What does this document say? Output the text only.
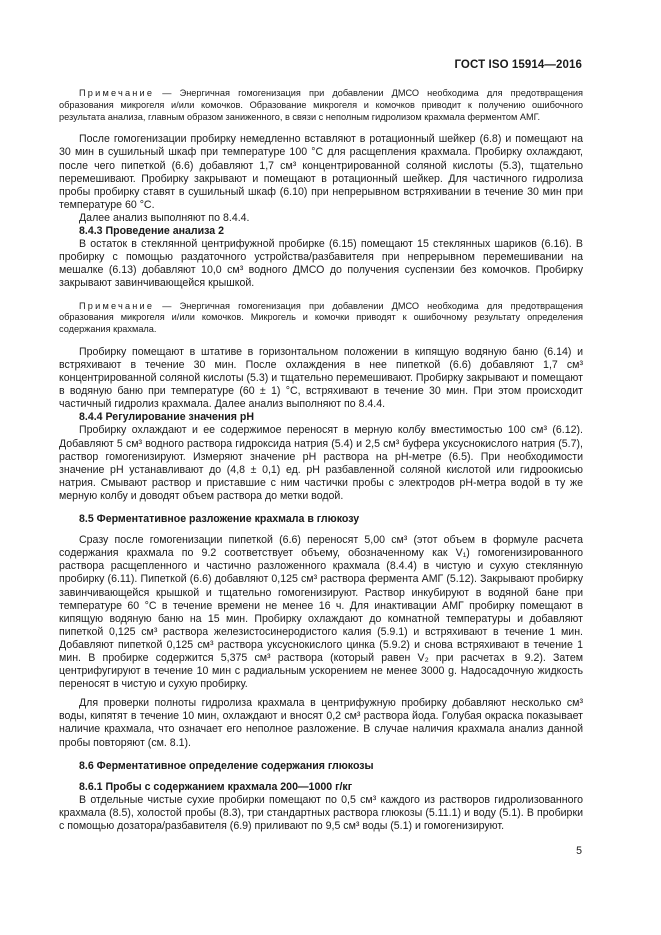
ГОСТ ISO 15914—2016

Примечание — Энергичная гомогенизация при добавлении ДМСО необходима для предотвращения образования микрогеля и/или комочков. Образование микрогеля и комочков приводит к получению ошибочного результата анализа, главным образом заниженного, в связи с неполным гидролизом крахмала ферментом АМГ.

После гомогенизации пробирку немедленно вставляют в ротационный шейкер (6.8) и помещают на 30 мин в сушильный шкаф при температуре 100 °С для расщепления крахмала. Пробирку охлаждают, после чего пипеткой (6.6) добавляют 1,7 см³ концентрированной соляной кислоты (5.3), тщательно перемешивают. Пробирку закрывают и помещают в ротационный шейкер. Для частичного гидролиза пробы пробирку ставят в сушильный шкаф (6.10) при непрерывном встряхивании в течение 30 мин при температуре 60 °С.

Далее анализ выполняют по 8.4.4.

8.4.3 Проведение анализа 2

В остаток в стеклянной центрифужной пробирке (6.15) помещают 15 стеклянных шариков (6.16). В пробирку с помощью раздаточного устройства/разбавителя при непрерывном перемешивании на мешалке (6.13) добавляют 10,0 см³ водного ДМСО до получения суспензии без комочков. Пробирку закрывают завинчивающейся крышкой.

Примечание — Энергичная гомогенизация при добавлении ДМСО необходима для предотвращения образования микрогеля и/или комочков. Микрогель и комочки приводят к ошибочному результату определения содержания крахмала.

Пробирку помещают в штативе в горизонтальном положении в кипящую водяную баню (6.14) и встряхивают в течение 30 мин. После охлаждения в нее пипеткой (6.6) добавляют 1,7 см³ концентрированной соляной кислоты (5.3) и тщательно перемешивают. Пробирку закрывают и помещают в водяную баню при температуре (60 ± 1) °С, встряхивают в течение 30 мин. При этом происходит частичный гидролиз крахмала. Далее анализ выполняют по 8.4.4.

8.4.4 Регулирование значения pH

Пробирку охлаждают и ее содержимое переносят в мерную колбу вместимостью 100 см³ (6.12). Добавляют 5 см³ водного раствора гидроксида натрия (5.4) и 2,5 см³ буфера уксуснокислого натрия (5.7), раствор гомогенизируют. Измеряют значение pH раствора на pH-метре (6.5). При необходимости значение pH устанавливают до (4,8 ± 0,1) ед. pH разбавленной соляной кислотой или гидроокисью натрия. Смывают раствор и приставшие с ним частички пробы с электродов pH-метра водой в ту же мерную колбу и доводят объем раствора до метки водой.

8.5 Ферментативное разложение крахмала в глюкозу

Сразу после гомогенизации пипеткой (6.6) переносят 5,00 см³ (этот объем в формуле расчета содержания крахмала по 9.2 соответствует объему, обозначенному как V₁) гомогенизированного раствора расщепленного и частично разложенного крахмала (8.4.4) в чистую и сухую стеклянную пробирку (6.11). Пипеткой (6.6) добавляют 0,125 см³ раствора фермента АМГ (5.12). Закрывают пробирку завинчивающейся крышкой и тщательно гомогенизируют. Раствор инкубируют в водяной бане при температуре 60 °С в течение времени не менее 16 ч. Для инактивации АМГ пробирку помещают в кипящую водяную баню на 15 мин. Пробирку охлаждают до комнатной температуры и добавляют пипеткой 0,125 см³ раствора железистосинеродистого калия (5.9.1) и встряхивают в течение 1 мин. Добавляют пипеткой 0,125 см³ раствора уксуснокислого цинка (5.9.2) и снова встряхивают в течение 1 мин. В пробирке содержится 5,375 см³ раствора (который равен V₂ при расчетах в 9.2). Затем центрифугируют в течение 10 мин с радиальным ускорением не менее 3000 g. Надосадочную жидкость переносят в чистую и сухую пробирку.

Для проверки полноты гидролиза крахмала в центрифужную пробирку добавляют несколько см³ воды, кипятят в течение 10 мин, охлаждают и вносят 0,2 см³ раствора йода. Голубая окраска показывает наличие крахмала, что означает его неполное разложение. В случае наличия крахмала анализ данной пробы повторяют (см. 8.1).

8.6 Ферментативное определение содержания глюкозы

8.6.1 Пробы с содержанием крахмала 200—1000 г/кг

В отдельные чистые сухие пробирки помещают по 0,5 см³ каждого из растворов гидролизованного крахмала (8.5), холостой пробы (8.3), три стандартных раствора глюкозы (5.11.1) и воду (5.1). В пробирки с помощью дозатора/разбавителя (6.9) приливают по 9,5 см³ воды (5.1) и гомогенизируют.

5
